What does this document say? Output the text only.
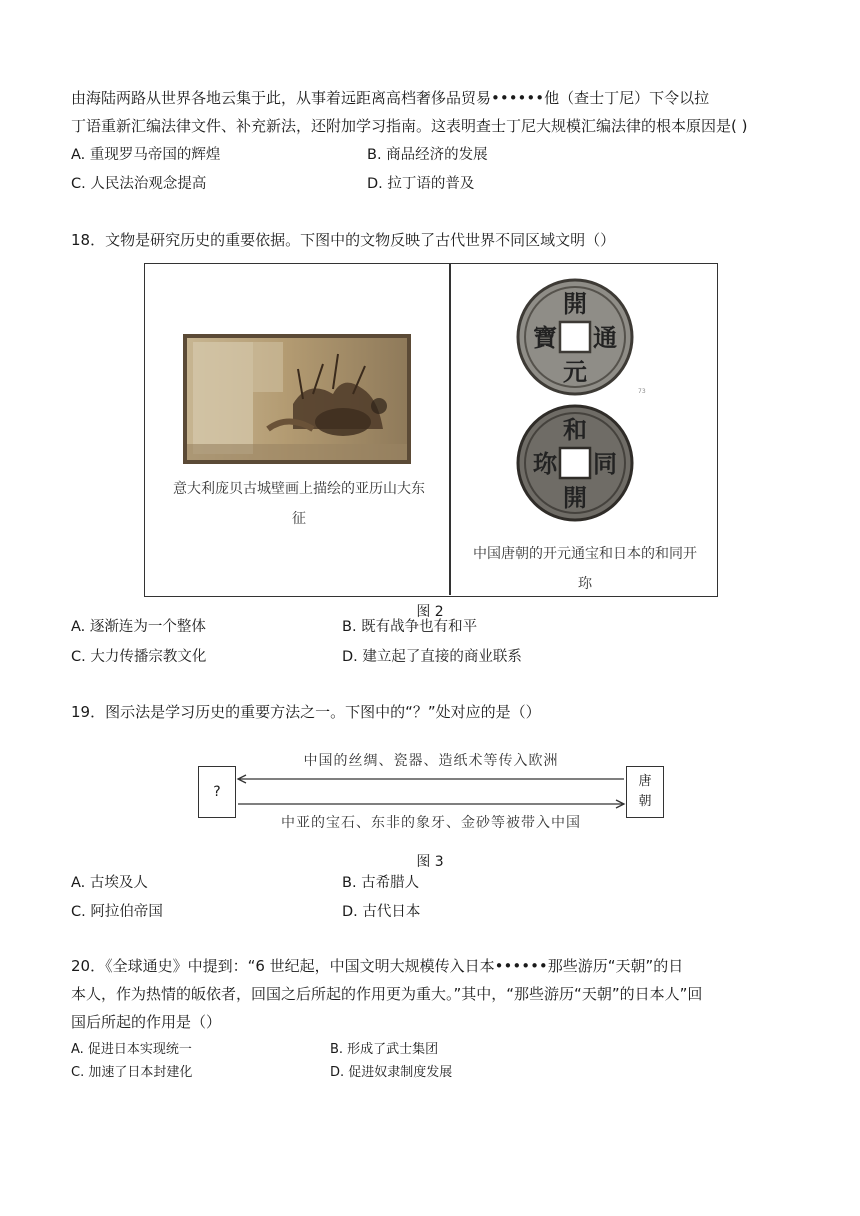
由海陆两路从世界各地云集于此，从事着远距离高档奢侈品贸易••••••他（查士丁尼）下令以拉
丁语重新汇编法律文件、补充新法，还附加学习指南。这表明查士丁尼大规模汇编法律的根本原因是( )
A. 重现罗马帝国的辉煌	B. 商品经济的发展
C. 人民法治观念提高	D. 拉丁语的普及
18．文物是研究历史的重要依据。下图中的文物反映了古代世界不同区域文明（）
意大利庞贝古城壁画上描绘的亚历山大东
征
開
通
元
寶
73
和
同
開
珎
中国唐朝的开元通宝和日本的和同开
珎
图 2
A. 逐渐连为一个整体	B. 既有战争也有和平
C. 大力传播宗教文化	D. 建立起了直接的商业联系
19．图示法是学习历史的重要方法之一。下图中的“？”处对应的是（）
?
唐
朝
中国的丝绸、瓷器、造纸术等传入欧洲
中亚的宝石、东非的象牙、金砂等被带入中国
图 3
A. 古埃及人	B. 古希腊人
C. 阿拉伯帝国	D. 古代日本
20．《全球通史》中提到：“6 世纪起，中国文明大规模传入日本••••••那些游历“天朝”的日
本人，作为热情的皈依者，回国之后所起的作用更为重大。”其中，“那些游历“天朝”的日本人”回
国后所起的作用是（）
A. 促进日本实现统一	B. 形成了武士集团
C. 加速了日本封建化	D. 促进奴隶制度发展
